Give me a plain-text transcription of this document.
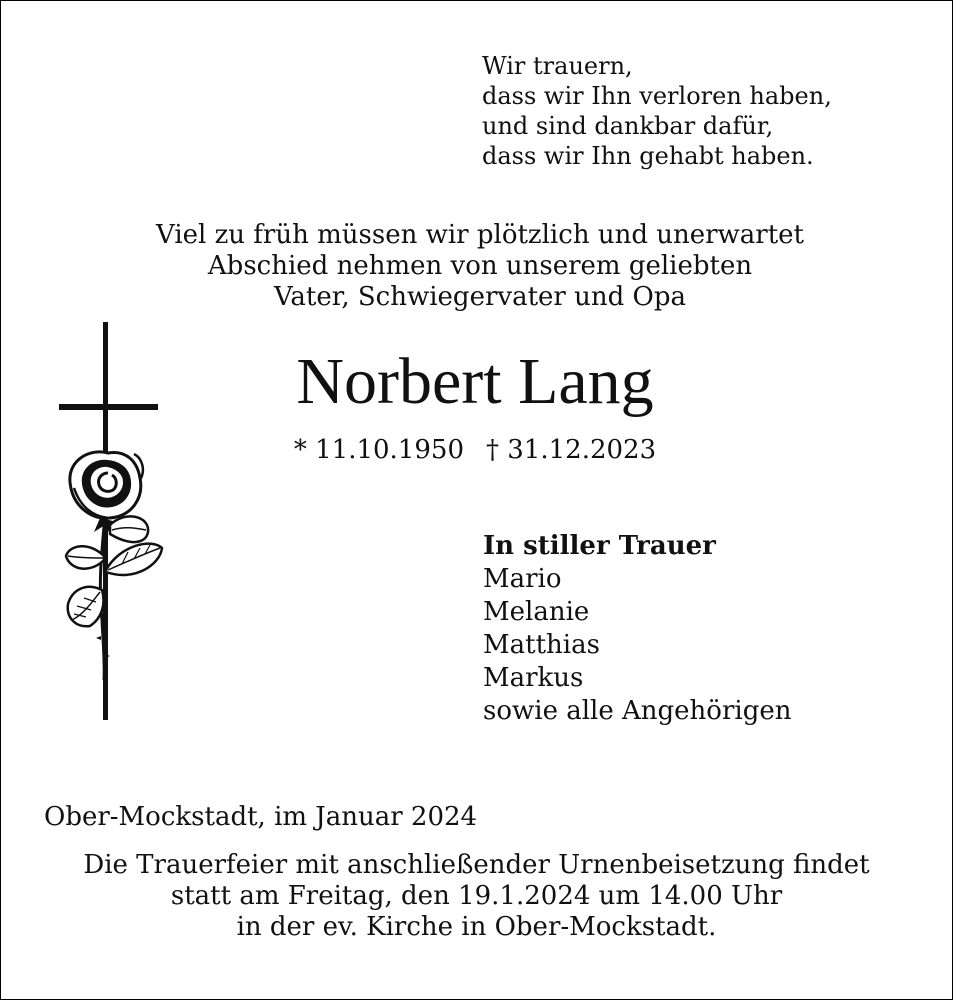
Wir trauern,
dass wir Ihn verloren haben,
und sind dankbar dafür,
dass wir Ihn gehabt haben.
Viel zu früh müssen wir plötzlich und unerwartet
Abschied nehmen von unserem geliebten
Vater, Schwiegervater und Opa
Norbert Lang
* 11.10.1950 † 31.12.2023
In stiller Trauer
Mario
Melanie
Matthias
Markus
sowie alle Angehörigen
Ober-Mockstadt, im Januar 2024
Die Trauerfeier mit anschließender Urnenbeisetzung findet
statt am Freitag, den 19.1.2024 um 14.00 Uhr
in der ev. Kirche in Ober-Mockstadt.
